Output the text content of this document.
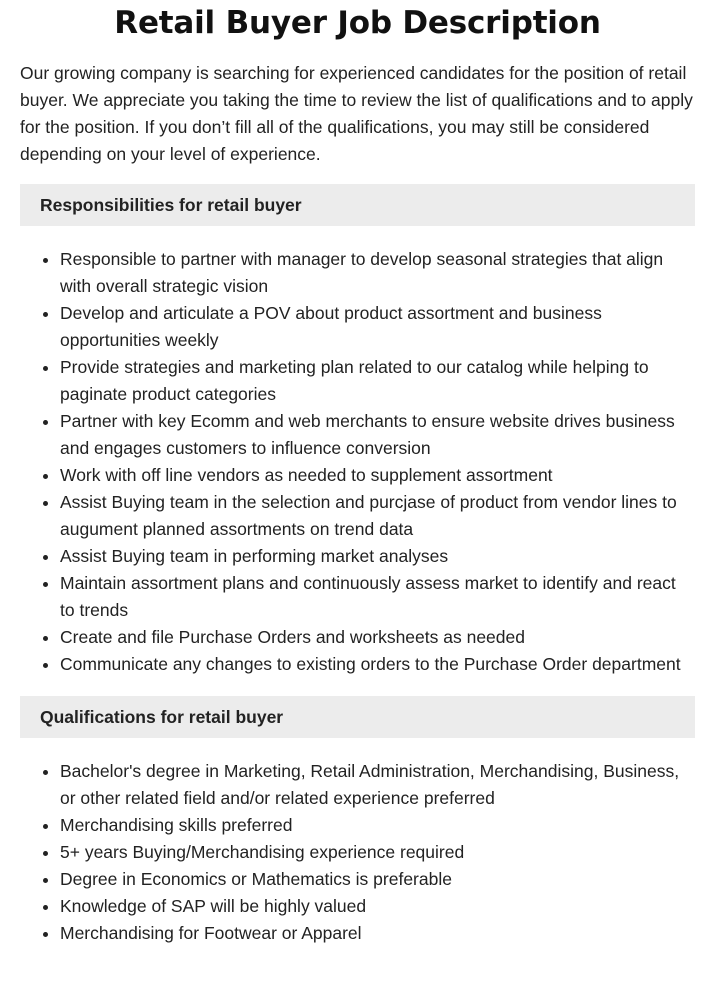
Retail Buyer Job Description

Our growing company is searching for experienced candidates for the position of retail buyer. We appreciate you taking the time to review the list of qualifications and to apply for the position. If you don’t fill all of the qualifications, you may still be considered depending on your level of experience.

Responsibilities for retail buyer
Responsible to partner with manager to develop seasonal strategies that align with overall strategic vision
Develop and articulate a POV about product assortment and business opportunities weekly
Provide strategies and marketing plan related to our catalog while helping to paginate product categories
Partner with key Ecomm and web merchants to ensure website drives business and engages customers to influence conversion
Work with off line vendors as needed to supplement assortment
Assist Buying team in the selection and purcjase of product from vendor lines to augument planned assortments on trend data
Assist Buying team in performing market analyses
Maintain assortment plans and continuously assess market to identify and react to trends
Create and file Purchase Orders and worksheets as needed
Communicate any changes to existing orders to the Purchase Order department
Qualifications for retail buyer
Bachelor's degree in Marketing, Retail Administration, Merchandising, Business, or other related field and/or related experience preferred
Merchandising skills preferred
5+ years Buying/Merchandising experience required
Degree in Economics or Mathematics is preferable
Knowledge of SAP will be highly valued
Merchandising for Footwear or Apparel
